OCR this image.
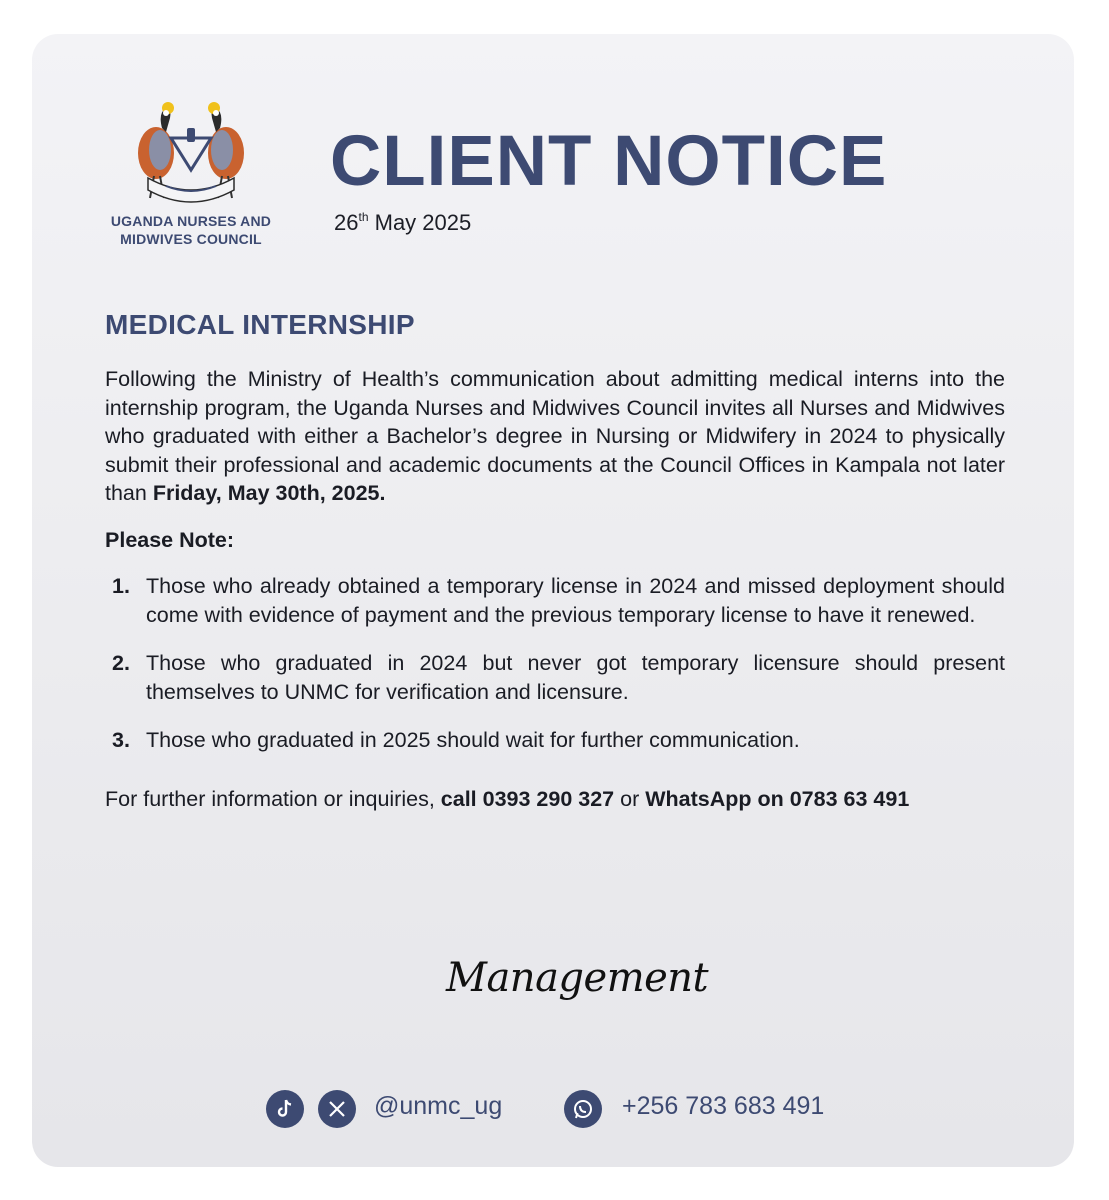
UGANDA NURSES AND
MIDWIVES COUNCIL
CLIENT NOTICE
26th May 2025
MEDICAL INTERNSHIP

Following the Ministry of Health’s communication about admitting medical interns into the internship program, the Uganda Nurses and Midwives Council invites all Nurses and Midwives who graduated with either a Bachelor’s degree in Nursing or Midwifery in 2024 to physically submit their professional and academic documents at the Council Offices in Kampala not later than Friday, May 30th, 2025.

Please Note:
1. Those who already obtained a temporary license in 2024 and missed deployment should come with evidence of payment and the previous temporary license to have it renewed.
2. Those who graduated in 2024 but never got temporary licensure should present themselves to UNMC for verification and licensure.
3. Those who graduated in 2025 should wait for further communication.

For further information or inquiries, call 0393 290 327 or WhatsApp on 0783 63 491

Management
@unmc_ug	+256 783 683 491
